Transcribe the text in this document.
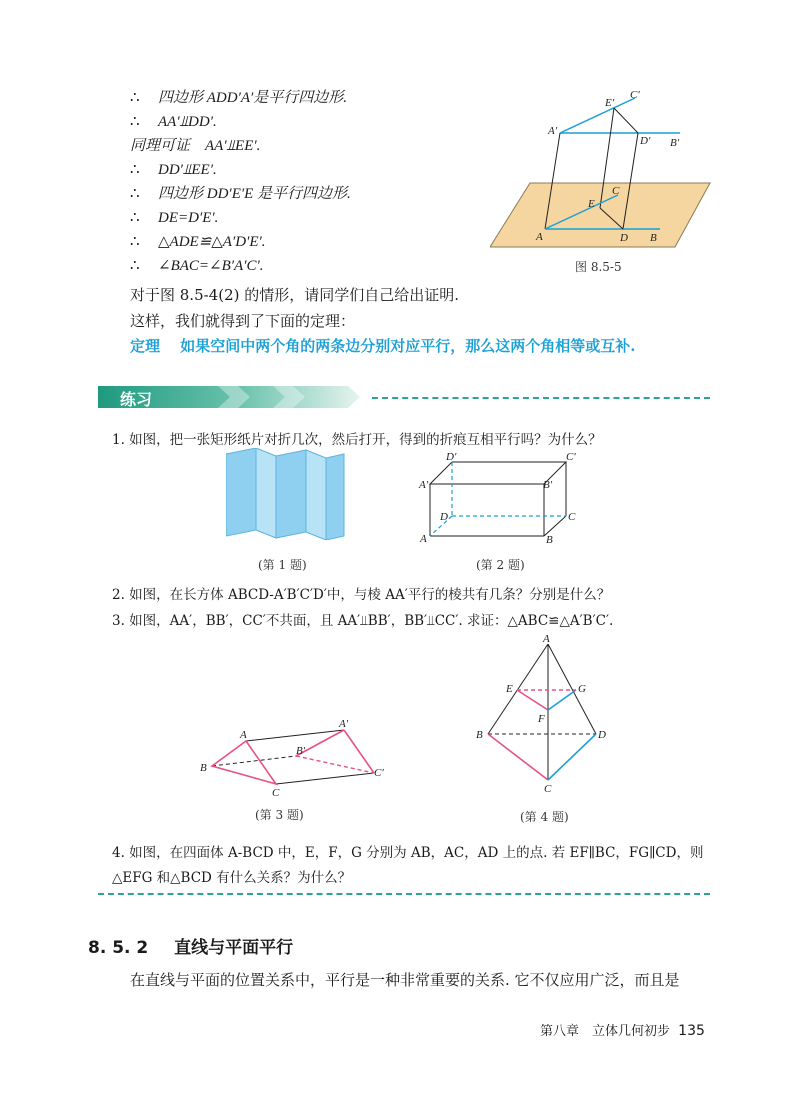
∴ 四边形 ADD′A′是平行四边形.
∴ AA′⫫DD′.
同理可证　AA′⫫EE′.
∴ DD′⫫EE′.
∴ 四边形 DD′E′E 是平行四边形.
∴ DE=D′E′.
∴ △ADE≌△A′D′E′.
∴ ∠BAC=∠B′A′C′.
对于图 8.5-4(2) 的情形，请同学们自己给出证明.
这样，我们就得到了下面的定理：
定理　 如果空间中两个角的两条边分别对应平行，那么这两个角相等或互补.
E′
C′
A′
D′ B′
C
E
A	D B
图 8.5-5
练习
1. 如图，把一张矩形纸片对折几次，然后打开，得到的折痕互相平行吗？为什么？
(第 1 题)
D′	C′
A′	B′
D	C
A	B
(第 2 题)
2. 如图，在长方体 ABCD-A′B′C′D′中，与棱 AA′平行的棱共有几条？分别是什么？
3. 如图，AA′，BB′，CC′不共面，且 AA′⫫BB′，BB′⫫CC′. 求证：△ABC≌△A′B′C′.
A
A′
B′
B
C
C′
(第 3 题)
A
E	G
F
B	D
C
(第 4 题)
4. 如图，在四面体 A-BCD 中，E，F，G 分别为 AB，AC，AD 上的点. 若 EF∥BC，FG∥CD，则
△EFG 和△BCD 有什么关系？为什么？
8. 5. 2 直线与平面平行
在直线与平面的位置关系中，平行是一种非常重要的关系. 它不仅应用广泛，而且是
第八章　立体几何初步 135
